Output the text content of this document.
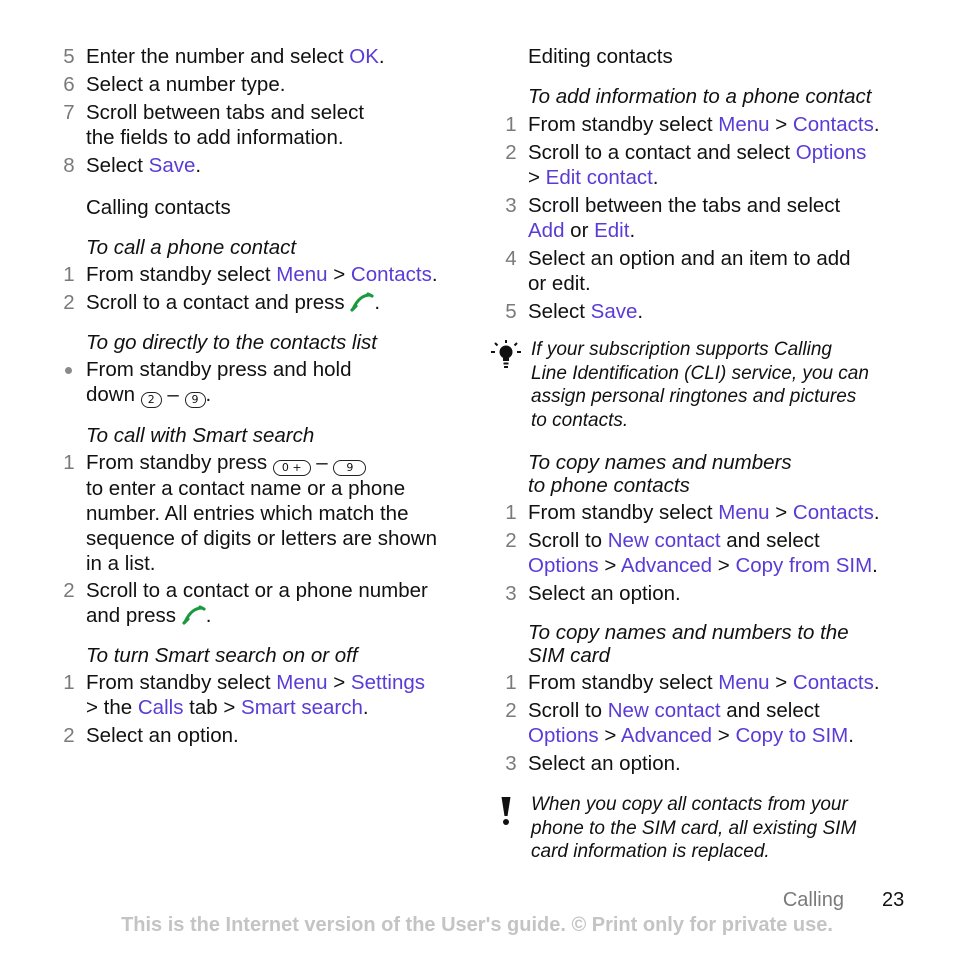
5 Enter the number and select OK.
6 Select a number type.
7 Scroll between tabs and select
the fields to add information.
8 Select Save.
Calling contacts
To call a phone contact
1 From standby select Menu > Contacts.
2 Scroll to a contact and press .
To go directly to the contacts list
From standby press and hold
down 2 – 9 .
To call with Smart search
1 From standby press 0 + – 9
to enter a contact name or a phone
number. All entries which match the
sequence of digits or letters are shown
in a list.
2 Scroll to a contact or a phone number
and press .
To turn Smart search on or off
1 From standby select Menu > Settings
> the Calls tab > Smart search.
2 Select an option.
Editing contacts
To add information to a phone contact
1 From standby select Menu > Contacts.
2 Scroll to a contact and select Options
> Edit contact.
3 Scroll between the tabs and select
Add or Edit.
4 Select an option and an item to add
or edit.
5 Select Save.
If your subscription supports Calling
Line Identification (CLI) service, you can
assign personal ringtones and pictures
to contacts.
To copy names and numbers
to phone contacts
1 From standby select Menu > Contacts.
2 Scroll to New contact and select
Options > Advanced > Copy from SIM.
3 Select an option.
To copy names and numbers to the
SIM card
1 From standby select Menu > Contacts.
2 Scroll to New contact and select
Options > Advanced > Copy to SIM.
3 Select an option.
When you copy all contacts from your
phone to the SIM card, all existing SIM
card information is replaced.
Calling 23
This is the Internet version of the User's guide. © Print only for private use.
